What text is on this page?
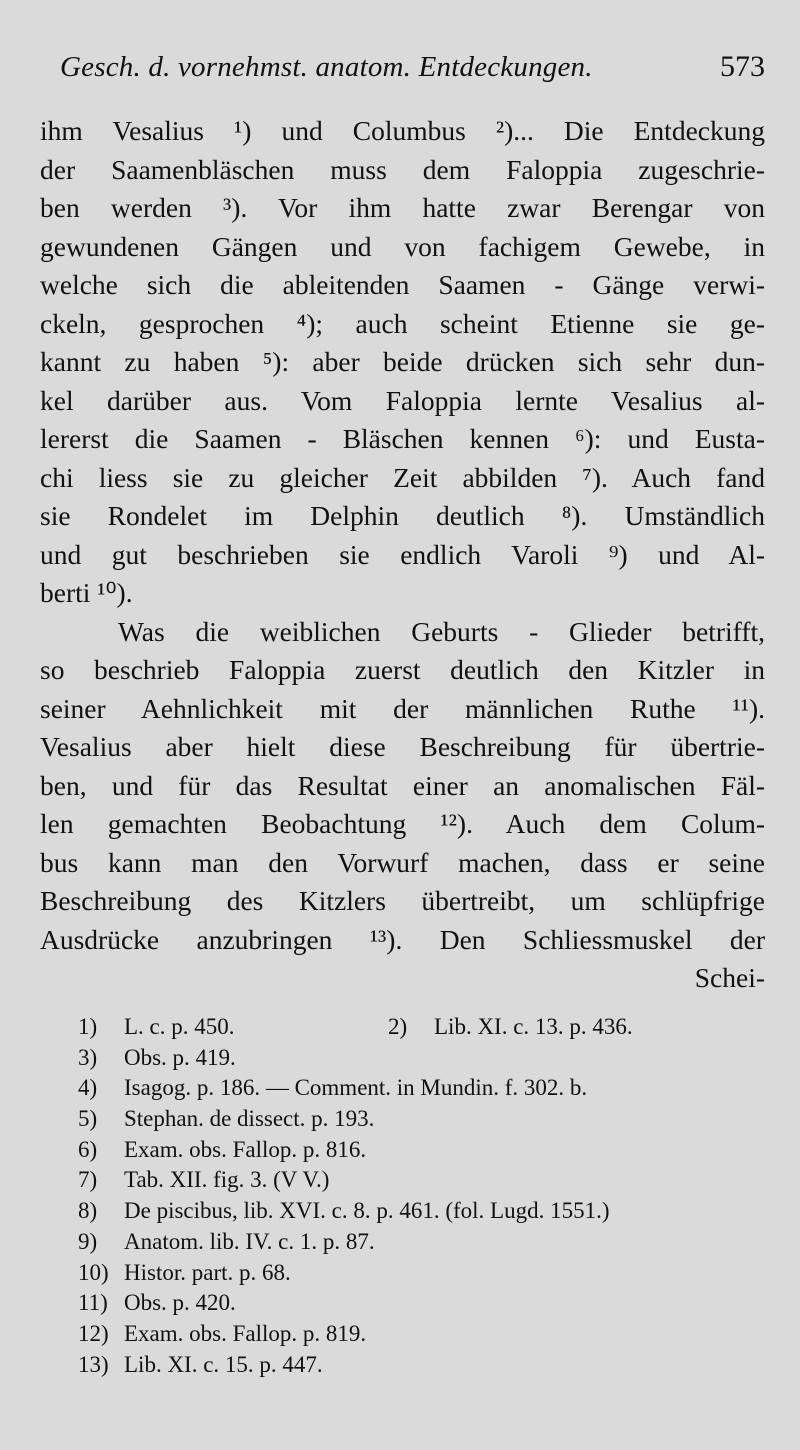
Gesch. d. vornehmst. anatom. Entdeckungen.	573
ihm Vesalius ¹) und Columbus ²)... Die Entdeckung
der Saamenbläschen muss dem Faloppia zugeschrie-
ben werden ³). Vor ihm hatte zwar Berengar von
gewundenen Gängen und von fachigem Gewebe, in
welche sich die ableitenden Saamen - Gänge verwi-
ckeln, gesprochen ⁴); auch scheint Etienne sie ge-
kannt zu haben ⁵): aber beide drücken sich sehr dun-
kel darüber aus. Vom Faloppia lernte Vesalius al-
lererst die Saamen - Bläschen kennen ⁶): und Eusta-
chi liess sie zu gleicher Zeit abbilden ⁷). Auch fand
sie Rondelet im Delphin deutlich ⁸). Umständlich
und gut beschrieben sie endlich Varoli ⁹) und Al-
berti ¹⁰).
Was die weiblichen Geburts - Glieder betrifft,
so beschrieb Faloppia zuerst deutlich den Kitzler in
seiner Aehnlichkeit mit der männlichen Ruthe ¹¹).
Vesalius aber hielt diese Beschreibung für übertrie-
ben, und für das Resultat einer an anomalischen Fäl-
len gemachten Beobachtung ¹²). Auch dem Colum-
bus kann man den Vorwurf machen, dass er seine
Beschreibung des Kitzlers übertreibt, um schlüpfrige
Ausdrücke anzubringen ¹³). Den Schliessmuskel der
Schei-
1) L. c. p. 450.	2) Lib. XI. c. 13. p. 436.
3) Obs. p. 419.
4) Isagog. p. 186. — Comment. in Mundin. f. 302. b.
5) Stephan. de dissect. p. 193.
6) Exam. obs. Fallop. p. 816.
7) Tab. XII. fig. 3. (V V.)
8) De piscibus, lib. XVI. c. 8. p. 461. (fol. Lugd. 1551.)
9) Anatom. lib. IV. c. 1. p. 87.
10) Histor. part. p. 68.
11) Obs. p. 420.
12) Exam. obs. Fallop. p. 819.
13) Lib. XI. c. 15. p. 447.
